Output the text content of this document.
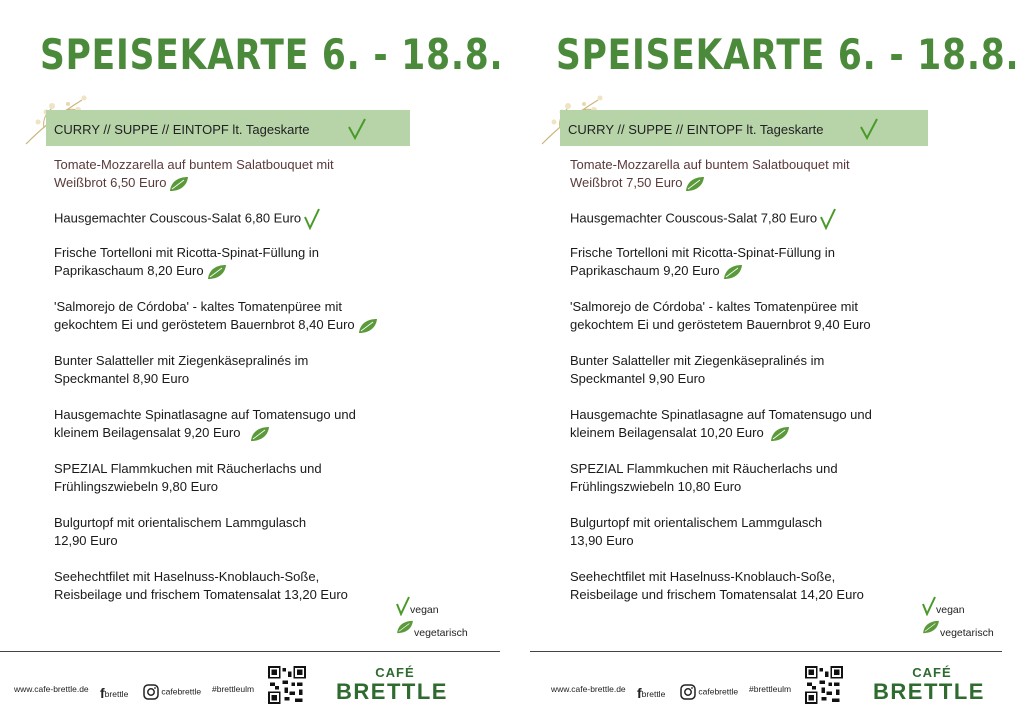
SPEISEKARTE 6. - 18.8.
CURRY // SUPPE // EINTOPF lt. Tageskarte
Tomate-Mozzarella auf buntem Salatbouquet mit
Weißbrot 6,50 Euro
Hausgemachter Couscous-Salat 6,80 Euro
Frische Tortelloni mit Ricotta-Spinat-Füllung in
Paprikaschaum 8,20 Euro
'Salmorejo de Córdoba' - kaltes Tomatenpüree mit
gekochtem Ei und geröstetem Bauernbrot 8,40 Euro
Bunter Salatteller mit Ziegenkäsepralinés im
Speckmantel 8,90 Euro
Hausgemachte Spinatlasagne auf Tomatensugo und
kleinem Beilagensalat 9,20 Euro
SPEZIAL Flammkuchen mit Räucherlachs und
Frühlingszwiebeln 9,80 Euro
Bulgurtopf mit orientalischem Lammgulasch
12,90 Euro
Seehechtfilet mit Haselnuss-Knoblauch-Soße,
Reisbeilage und frischem Tomatensalat 13,20 Euro
vegan
vegetarisch
www.cafe-brettle.de fbrettle	cafebrettle #brettleulm
CAFÉ
BRETTLE
SPEISEKARTE 6. - 18.8.
CURRY // SUPPE // EINTOPF lt. Tageskarte
Tomate-Mozzarella auf buntem Salatbouquet mit
Weißbrot 7,50 Euro
Hausgemachter Couscous-Salat 7,80 Euro
Frische Tortelloni mit Ricotta-Spinat-Füllung in
Paprikaschaum 9,20 Euro
'Salmorejo de Córdoba' - kaltes Tomatenpüree mit
gekochtem Ei und geröstetem Bauernbrot 9,40 Euro
Bunter Salatteller mit Ziegenkäsepralinés im
Speckmantel 9,90 Euro
Hausgemachte Spinatlasagne auf Tomatensugo und
kleinem Beilagensalat 10,20 Euro
SPEZIAL Flammkuchen mit Räucherlachs und
Frühlingszwiebeln 10,80 Euro
Bulgurtopf mit orientalischem Lammgulasch
13,90 Euro
Seehechtfilet mit Haselnuss-Knoblauch-Soße,
Reisbeilage und frischem Tomatensalat 14,20 Euro
vegan
vegetarisch
www.cafe-brettle.de fbrettle	cafebrettle #brettleulm
CAFÉ
BRETTLE
